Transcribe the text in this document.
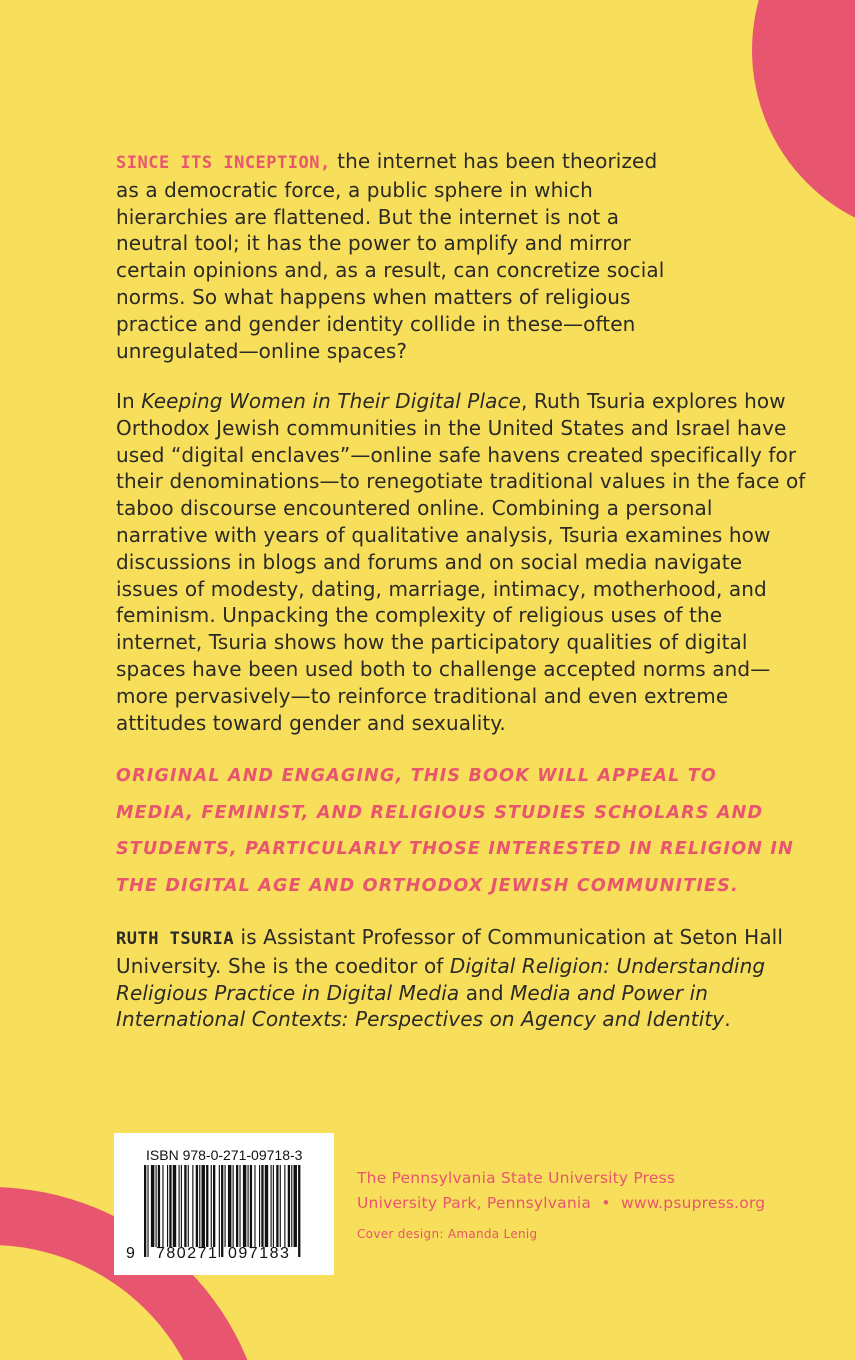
SINCE ITS INCEPTION, the internet has been theorized as a democratic force, a public sphere in which hierarchies are flattened. But the internet is not a neutral tool; it has the power to amplify and mirror certain opinions and, as a result, can concretize social norms. So what happens when matters of religious practice and gender identity collide in these—often unregulated—online spaces?
In Keeping Women in Their Digital Place, Ruth Tsuria explores how Orthodox Jewish communities in the United States and Israel have used “digital enclaves”—online safe havens created specifically for their denominations—to renegotiate traditional values in the face of taboo discourse encountered online. Combining a personal narrative with years of qualitative analysis, Tsuria examines how discussions in blogs and forums and on social media navigate issues of modesty, dating, marriage, intimacy, motherhood, and feminism. Unpacking the complexity of religious uses of the internet, Tsuria shows how the participatory qualities of digital spaces have been used both to challenge accepted norms and—more pervasively—to reinforce traditional and even extreme attitudes toward gender and sexuality.
ORIGINAL AND ENGAGING, THIS BOOK WILL APPEAL TO MEDIA, FEMINIST, AND RELIGIOUS STUDIES SCHOLARS AND STUDENTS, PARTICULARLY THOSE INTERESTED IN RELIGION IN THE DIGITAL AGE AND ORTHODOX JEWISH COMMUNITIES.
RUTH TSURIA is Assistant Professor of Communication at Seton Hall University. She is the coeditor of Digital Religion: Understanding Religious Practice in Digital Media and Media and Power in International Contexts: Perspectives on Agency and Identity.
ISBN 978-0-271-09718-3
9 780271 097183
The Pennsylvania State University Press
University Park, Pennsylvania  •  www.psupress.org
Cover design: Amanda Lenig
